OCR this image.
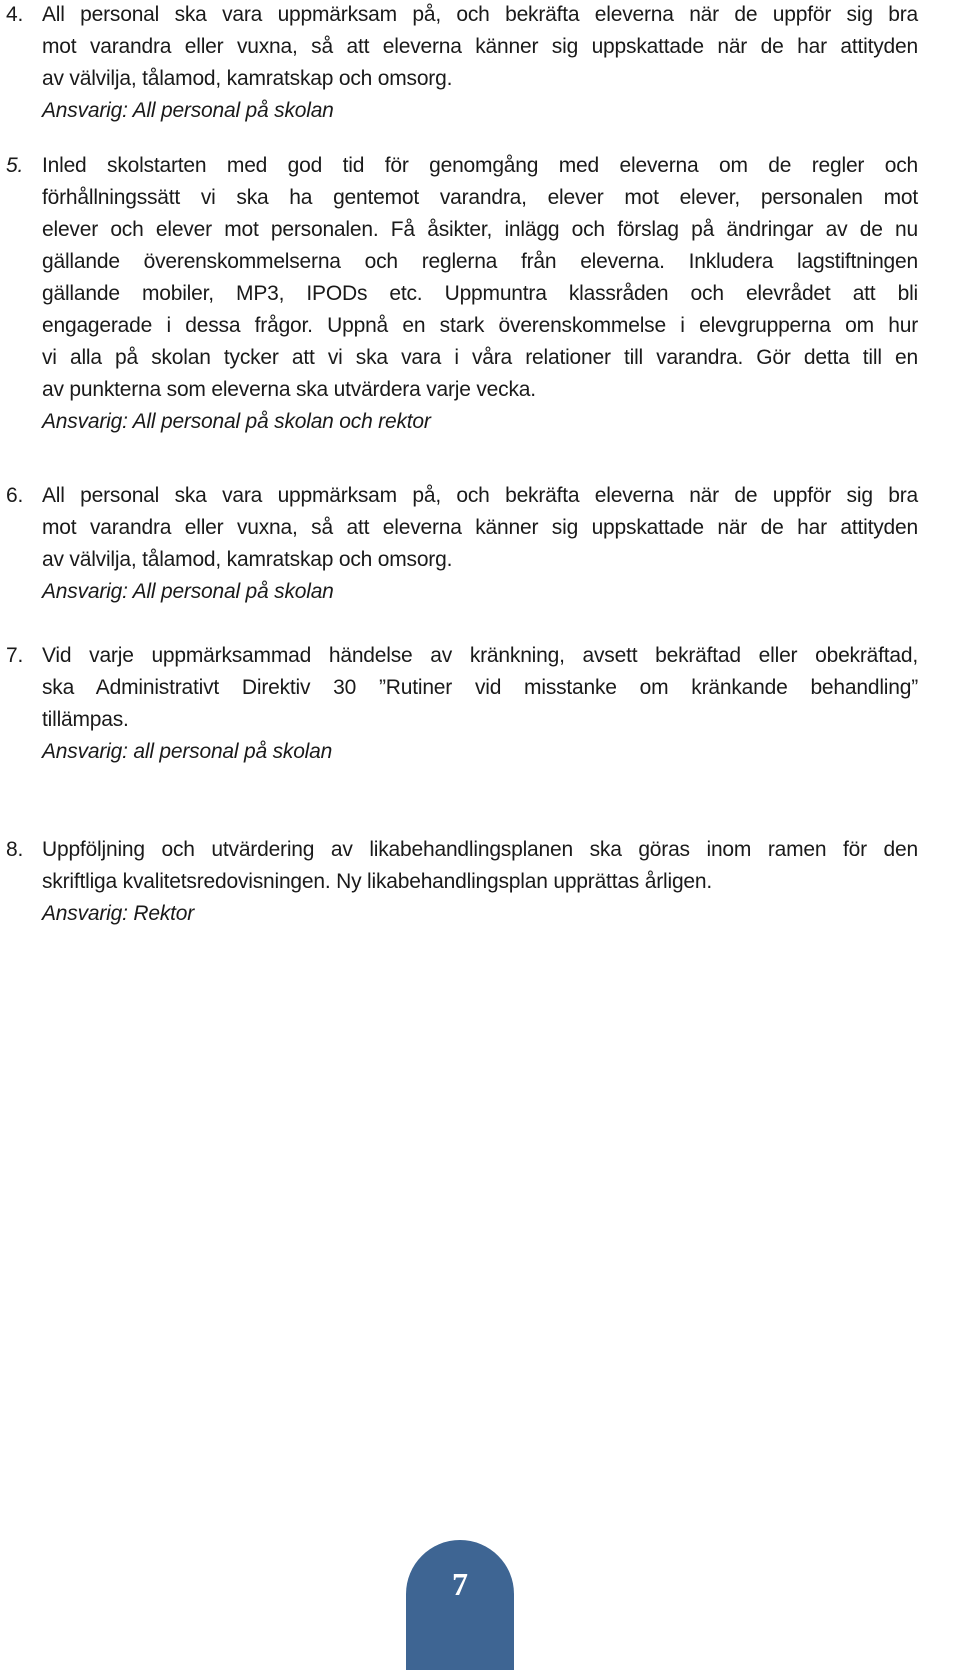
4. All personal ska vara uppmärksam på, och bekräfta eleverna när de uppför sig bra
mot varandra eller vuxna, så att eleverna känner sig uppskattade när de har attityden
av välvilja, tålamod, kamratskap och omsorg.
Ansvarig: All personal på skolan
5. Inled skolstarten med god tid för genomgång med eleverna om de regler och
förhållningssätt vi ska ha gentemot varandra, elever mot elever, personalen mot
elever och elever mot personalen. Få åsikter, inlägg och förslag på ändringar av de nu
gällande överenskommelserna och reglerna från eleverna. Inkludera lagstiftningen
gällande mobiler, MP3, IPODs etc. Uppmuntra klassråden och elevrådet att bli
engagerade i dessa frågor. Uppnå en stark överenskommelse i elevgrupperna om hur
vi alla på skolan tycker att vi ska vara i våra relationer till varandra. Gör detta till en
av punkterna som eleverna ska utvärdera varje vecka.
Ansvarig: All personal på skolan och rektor
6. All personal ska vara uppmärksam på, och bekräfta eleverna när de uppför sig bra
mot varandra eller vuxna, så att eleverna känner sig uppskattade när de har attityden
av välvilja, tålamod, kamratskap och omsorg.
Ansvarig: All personal på skolan
7. Vid varje uppmärksammad händelse av kränkning, avsett bekräftad eller obekräftad,
ska Administrativt Direktiv 30 ”Rutiner vid misstanke om kränkande behandling”
tillämpas.
Ansvarig: all personal på skolan
8. Uppföljning och utvärdering av likabehandlingsplanen ska göras inom ramen för den
skriftliga kvalitetsredovisningen. Ny likabehandlingsplan upprättas årligen.
Ansvarig: Rektor
7
